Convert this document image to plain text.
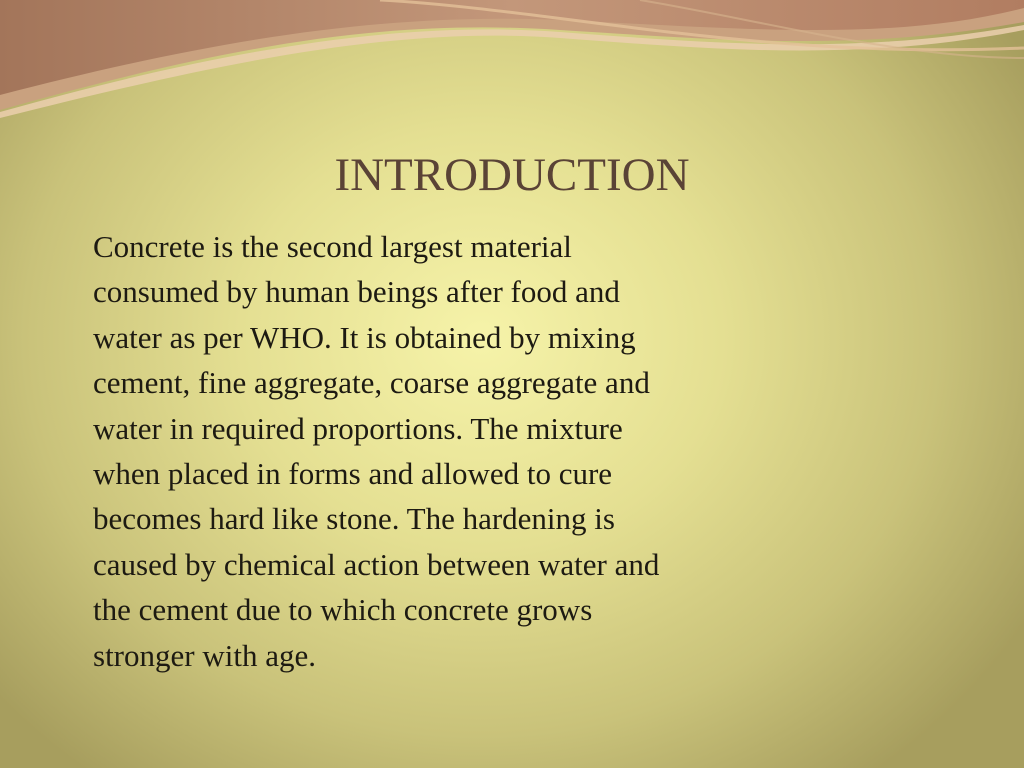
INTRODUCTION

Concrete is the second largest material
consumed by human beings after food and
water as per WHO. It is obtained by mixing
cement, fine aggregate, coarse aggregate and
water in required proportions. The mixture
when placed in forms and allowed to cure
becomes hard like stone. The hardening is
caused by chemical action between water and
the cement due to which concrete grows
stronger with age.
